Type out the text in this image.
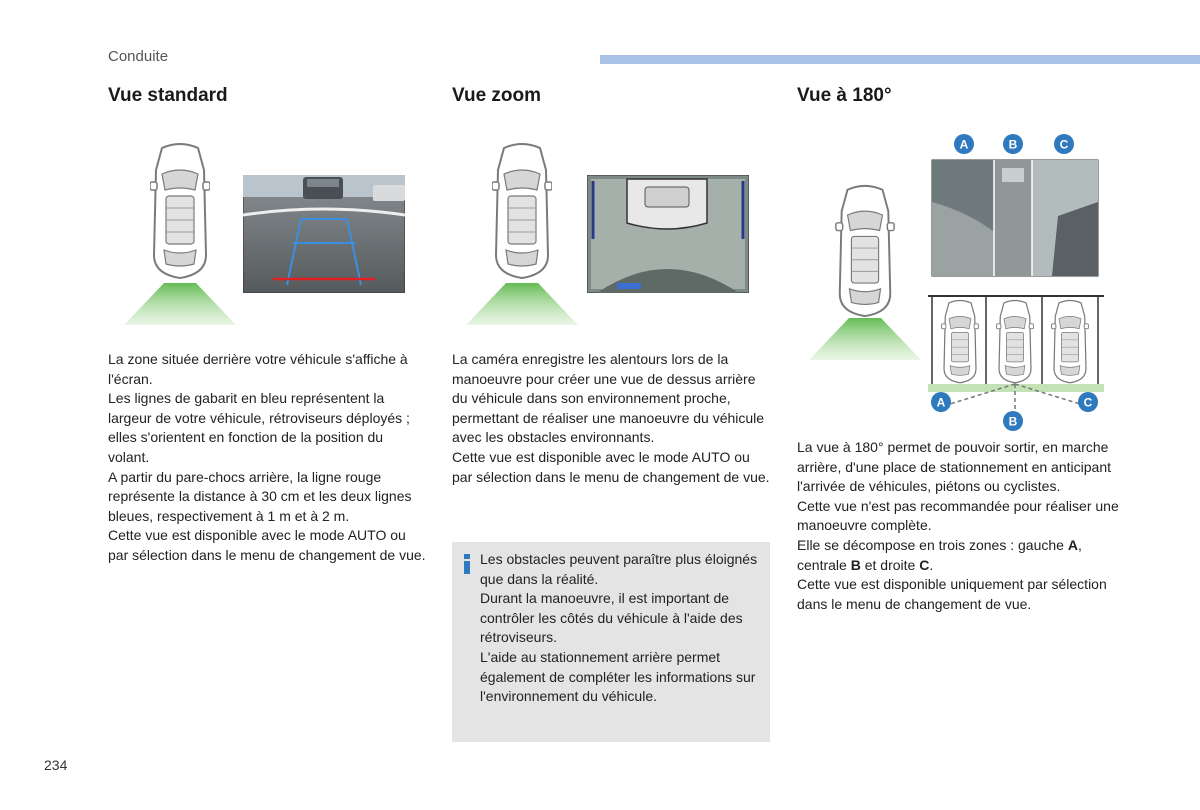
Conduite
Vue standard

La zone située derrière votre véhicule s'affiche à l'écran.

Les lignes de gabarit en bleu représentent la largeur de votre véhicule, rétroviseurs déployés ; elles s'orientent en fonction de la position du volant.

A partir du pare-chocs arrière, la ligne rouge représente la distance à 30 cm et les deux lignes bleues, respectivement à 1 m et à 2 m.

Cette vue est disponible avec le mode AUTO ou par sélection dans le menu de changement de vue.

Vue zoom

La caméra enregistre les alentours lors de la manoeuvre pour créer une vue de dessus arrière du véhicule dans son environnement proche, permettant de réaliser une manoeuvre du véhicule avec les obstacles environnants.

Cette vue est disponible avec le mode AUTO ou par sélection dans le menu de changement de vue.

Les obstacles peuvent paraître plus éloignés que dans la réalité.

Durant la manoeuvre, il est important de contrôler les côtés du véhicule à l'aide des rétroviseurs.

L'aide au stationnement arrière permet également de compléter les informations sur l'environnement du véhicule.

Vue à 180°
A	B	C
A
B
C

La vue à 180° permet de pouvoir sortir, en marche arrière, d'une place de stationnement en anticipant l'arrivée de véhicules, piétons ou cyclistes.

Cette vue n'est pas recommandée pour réaliser une manoeuvre complète.

Elle se décompose en trois zones : gauche A, centrale B et droite C.

Cette vue est disponible uniquement par sélection dans le menu de changement de vue.

234
